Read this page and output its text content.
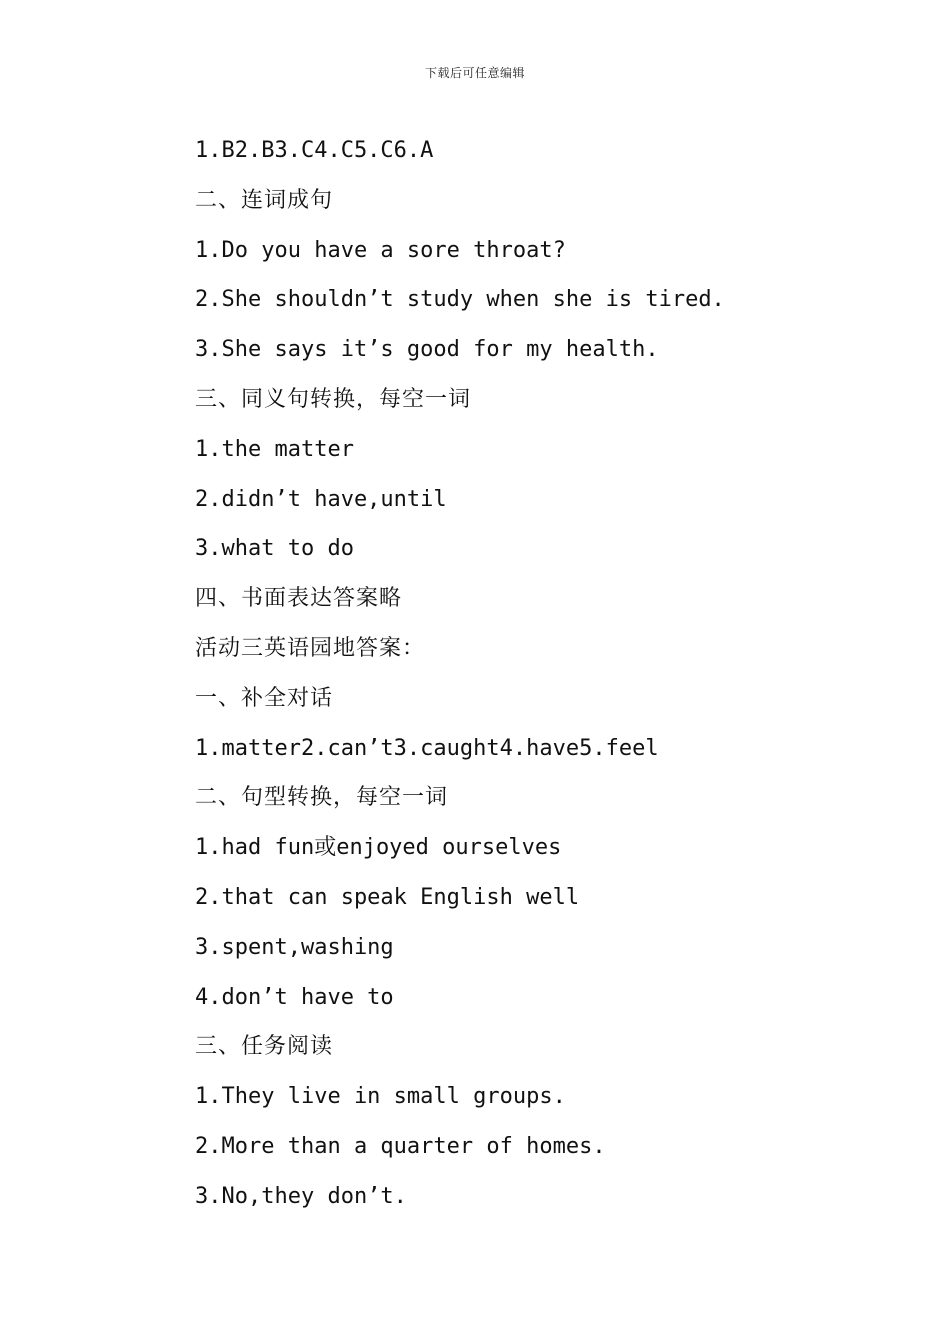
下载后可任意编辑
1.B2.B3.C4.C5.C6.A
二、连词成句
1.Do you have a sore throat?
2.She shouldn’t study when she is tired.
3.She says it’s good for my health.
三、同义句转换，每空一词
1.the matter
2.didn’t have,until
3.what to do
四、书面表达答案略
活动三英语园地答案：
一、补全对话
1.matter2.can’t3.caught4.have5.feel
二、句型转换，每空一词
1.had fun或enjoyed ourselves
2.that can speak English well
3.spent,washing
4.don’t have to
三、任务阅读
1.They live in small groups.
2.More than a quarter of homes.
3.No,they don’t.
